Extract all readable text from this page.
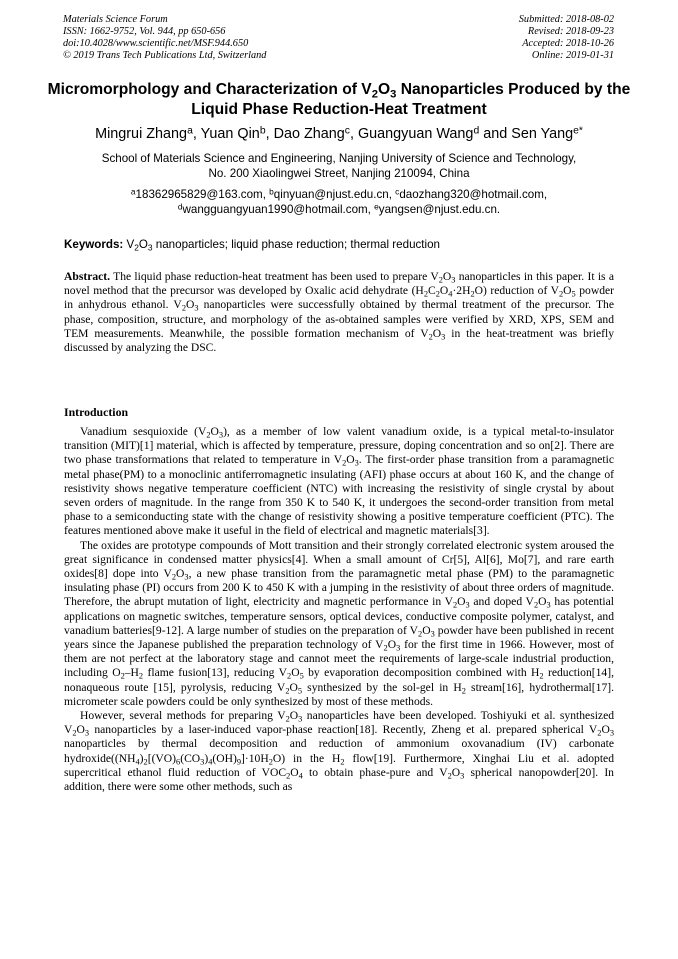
Materials Science Forum
ISSN: 1662-9752, Vol. 944, pp 650-656
doi:10.4028/www.scientific.net/MSF.944.650
© 2019 Trans Tech Publications Ltd, Switzerland
Submitted: 2018-08-02
Revised: 2018-09-23
Accepted: 2018-10-26
Online: 2019-01-31
Micromorphology and Characterization of $V_2O_3$ Nanoparticles Produced by the Liquid Phase Reduction-Heat Treatment
Mingrui Zhang$^a$, Yuan Qin$^b$, Dao Zhang$^c$, Guangyuan Wang$^d$ and Sen Yang$^{e*}$
School of Materials Science and Engineering, Nanjing University of Science and Technology,
No. 200 Xiaolingwei Street, Nanjing 210094, China
$^a$18362965829@163.com, $^b$qinyuan@njust.edu.cn, $^c$daozhang320@hotmail.com,
$^d$wangguangyuan1990@hotmail.com, $^e$yangsen@njust.edu.cn.
Keywords: $V_2O_3$ nanoparticles; liquid phase reduction; thermal reduction
Abstract. The liquid phase reduction-heat treatment has been used to prepare $V_2O_3$ nanoparticles in this paper. It is a novel method that the precursor was developed by Oxalic acid dehydrate $(H_2C_2O_4\cdot 2H_2O)$ reduction of $V_2O_5$ powder in anhydrous ethanol. $V_2O_3$ nanoparticles were successfully obtained by thermal treatment of the precursor. The phase, composition, structure, and morphology of the as-obtained samples were verified by XRD, XPS, SEM and TEM measurements. Meanwhile, the possible formation mechanism of $V_2O_3$ in the heat-treatment was briefly discussed by analyzing the DSC.
Introduction

Vanadium sesquioxide $(V_2O_3)$, as a member of low valent vanadium oxide, is a typical metal-to-insulator transition (MIT)[1] material, which is affected by temperature, pressure, doping concentration and so on[2]. There are two phase transformations that related to temperature in $V_2O_3$. The first-order phase transition from a paramagnetic metal phase(PM) to a monoclinic antiferromagnetic insulating (AFI) phase occurs at about 160 K, and the change of resistivity shows negative temperature coefficient (NTC) with increasing the resistivity of single crystal by about seven orders of magnitude. In the range from 350 K to 540 K, it undergoes the second-order transition from metal phase to a semiconducting state with the change of resistivity showing a positive temperature coefficient (PTC). The features mentioned above make it useful in the field of electrical and magnetic materials[3].

The oxides are prototype compounds of Mott transition and their strongly correlated electronic system aroused the great significance in condensed matter physics[4]. When a small amount of Cr[5], Al[6], Mo[7], and rare earth oxides[8] dope into $V_2O_3$, a new phase transition from the paramagnetic metal phase (PM) to the paramagnetic insulating phase (PI) occurs from 200 K to 450 K with a jumping in the resistivity of about three orders of magnitude. Therefore, the abrupt mutation of light, electricity and magnetic performance in $V_2O_3$ and doped $V_2O_3$ has potential applications on magnetic switches, temperature sensors, optical devices, conductive composite polymer, catalyst, and vanadium batteries[9-12]. A large number of studies on the preparation of $V_2O_3$ powder have been published in recent years since the Japanese published the preparation technology of $V_2O_3$ for the first time in 1966. However, most of them are not perfect at the laboratory stage and cannot meet the requirements of large-scale industrial production, including $O_2-H_2$ flame fusion[13], reducing $V_2O_5$ by evaporation decomposition combined with $H_2$ reduction[14], nonaqueous route [15], pyrolysis, reducing $V_2O_5$ synthesized by the sol-gel in $H_2$ stream[16], hydrothermal[17]. micrometer scale powders could be only synthesized by most of these methods.

However, several methods for preparing $V_2O_3$ nanoparticles have been developed. Toshiyuki et al. synthesized $V_2O_3$ nanoparticles by a laser-induced vapor-phase reaction[18]. Recently, Zheng et al. prepared spherical $V_2O_3$ nanoparticles by thermal decomposition and reduction of ammonium oxovanadium (IV) carbonate $hydroxide((NH_4)_2[(VO)_6(CO_3)_4(OH)_9]\cdot 10H_2O)$ in the $H_2$ flow[19]. Furthermore, Xinghai Liu et al. adopted supercritical ethanol fluid reduction of $VOC_2O_4$ to obtain phase-pure and $V_2O_3$ spherical nanopowder[20]. In addition, there were some other methods, such as
